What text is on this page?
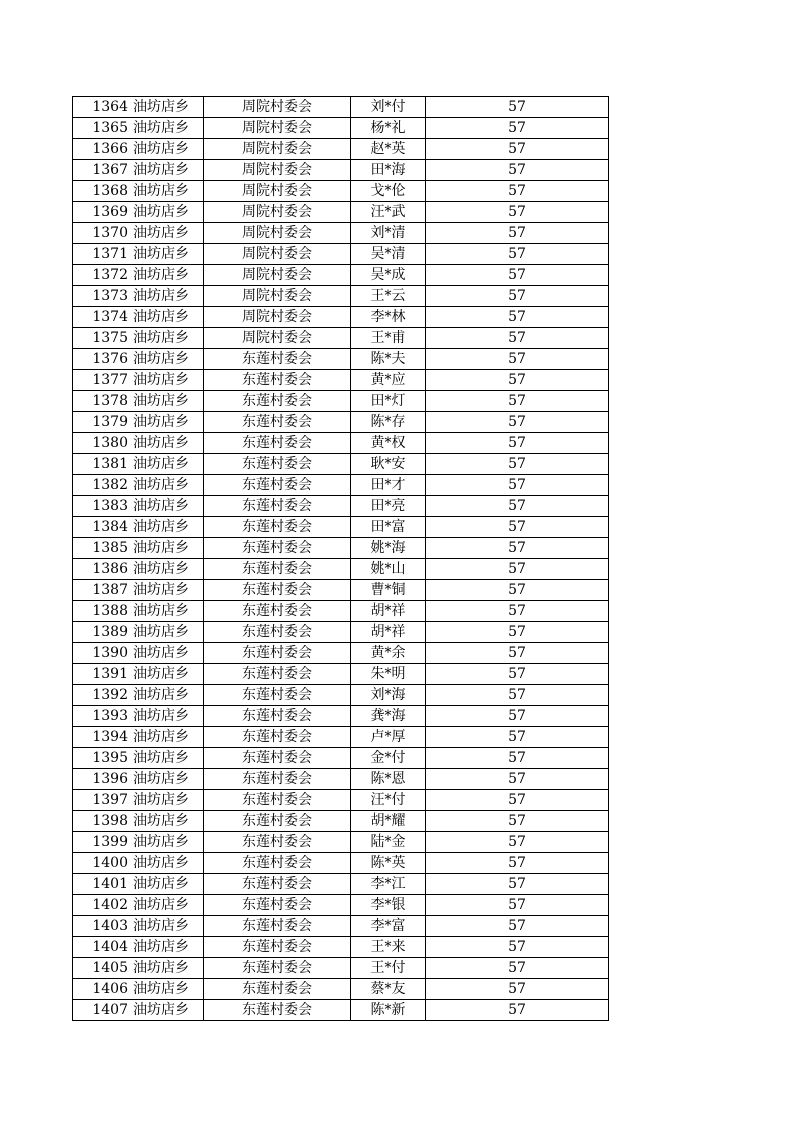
1364	油坊店乡	周院村委会	刘*付	57
1365	油坊店乡	周院村委会	杨*礼	57
1366	油坊店乡	周院村委会	赵*英	57
1367	油坊店乡	周院村委会	田*海	57
1368	油坊店乡	周院村委会	戈*伦	57
1369	油坊店乡	周院村委会	汪*武	57
1370	油坊店乡	周院村委会	刘*清	57
1371	油坊店乡	周院村委会	吴*清	57
1372	油坊店乡	周院村委会	吴*成	57
1373	油坊店乡	周院村委会	王*云	57
1374	油坊店乡	周院村委会	李*林	57
1375	油坊店乡	周院村委会	王*甫	57
1376	油坊店乡	东莲村委会	陈*夫	57
1377	油坊店乡	东莲村委会	黄*应	57
1378	油坊店乡	东莲村委会	田*灯	57
1379	油坊店乡	东莲村委会	陈*存	57
1380	油坊店乡	东莲村委会	黄*权	57
1381	油坊店乡	东莲村委会	耿*安	57
1382	油坊店乡	东莲村委会	田*才	57
1383	油坊店乡	东莲村委会	田*亮	57
1384	油坊店乡	东莲村委会	田*富	57
1385	油坊店乡	东莲村委会	姚*海	57
1386	油坊店乡	东莲村委会	姚*山	57
1387	油坊店乡	东莲村委会	曹*铜	57
1388	油坊店乡	东莲村委会	胡*祥	57
1389	油坊店乡	东莲村委会	胡*祥	57
1390	油坊店乡	东莲村委会	黄*余	57
1391	油坊店乡	东莲村委会	朱*明	57
1392	油坊店乡	东莲村委会	刘*海	57
1393	油坊店乡	东莲村委会	龚*海	57
1394	油坊店乡	东莲村委会	卢*厚	57
1395	油坊店乡	东莲村委会	金*付	57
1396	油坊店乡	东莲村委会	陈*恩	57
1397	油坊店乡	东莲村委会	汪*付	57
1398	油坊店乡	东莲村委会	胡*耀	57
1399	油坊店乡	东莲村委会	陆*金	57
1400	油坊店乡	东莲村委会	陈*英	57
1401	油坊店乡	东莲村委会	李*江	57
1402	油坊店乡	东莲村委会	李*银	57
1403	油坊店乡	东莲村委会	李*富	57
1404	油坊店乡	东莲村委会	王*来	57
1405	油坊店乡	东莲村委会	王*付	57
1406	油坊店乡	东莲村委会	蔡*友	57
1407	油坊店乡	东莲村委会	陈*新	57
